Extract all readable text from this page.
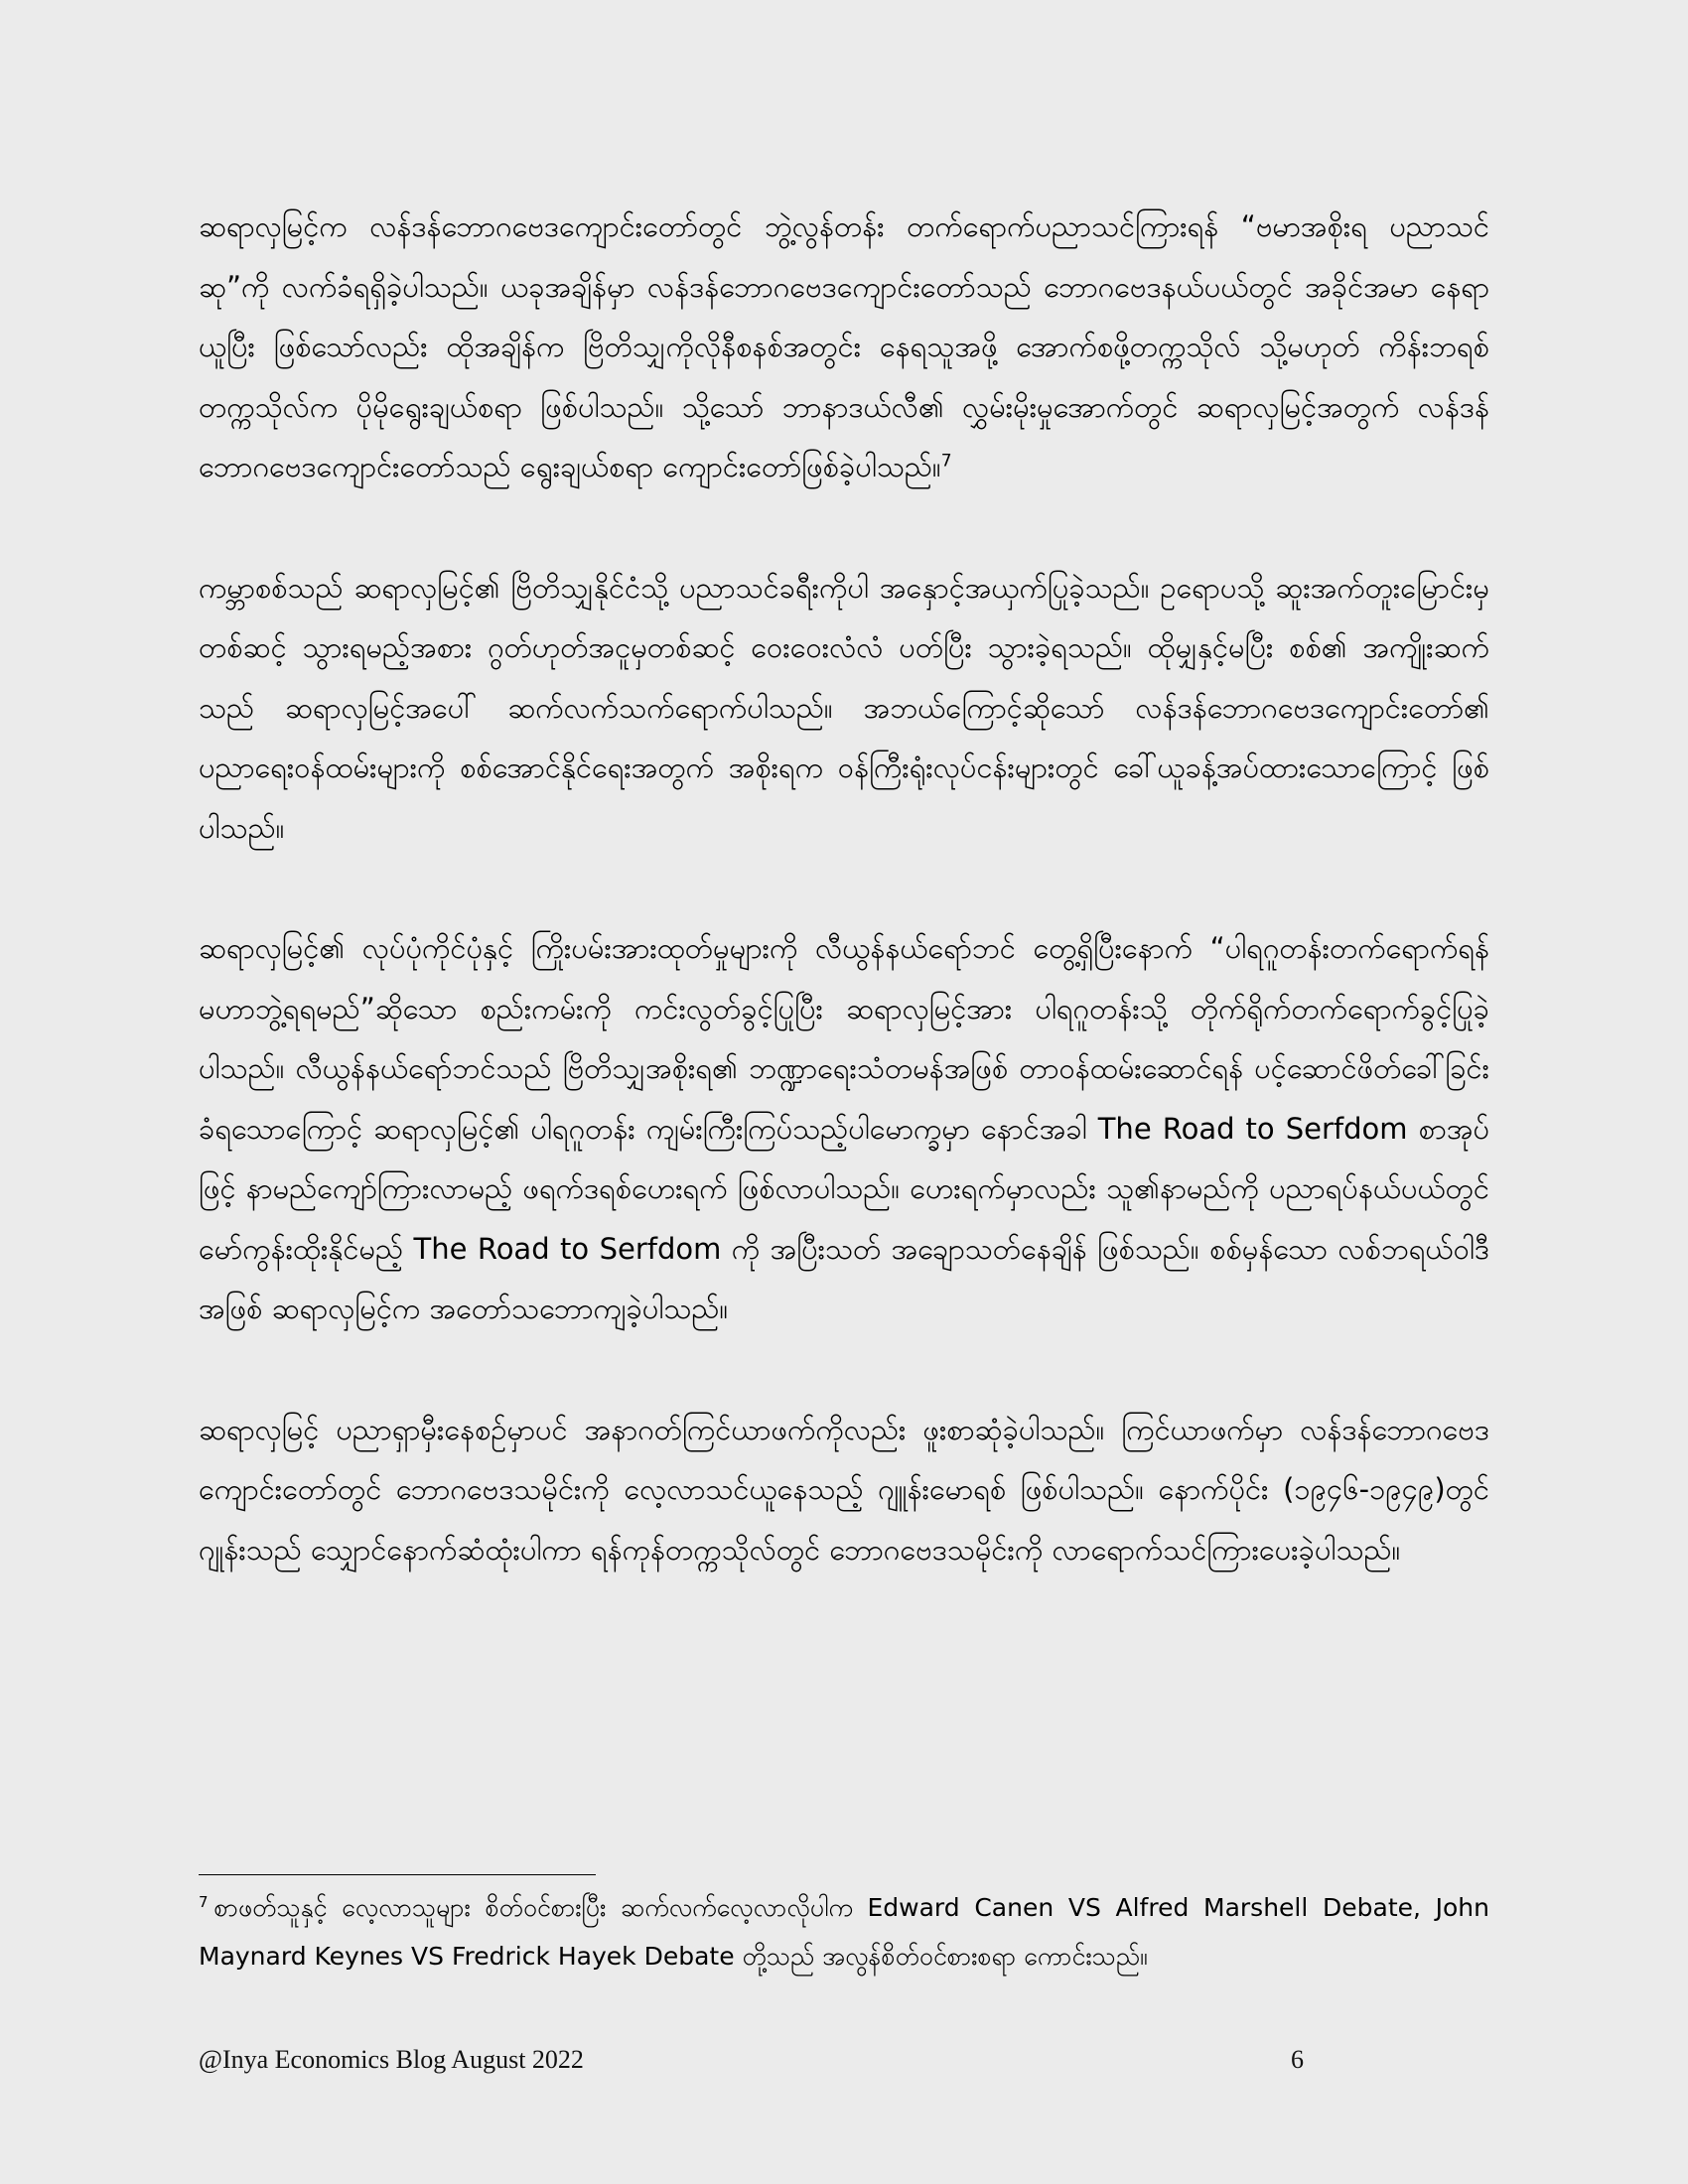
ဆရာလှမြင့်က လန်ဒန်ဘောဂဗေဒကျောင်းတော်တွင် ဘွဲ့လွန်တန်း တက်ရောက်ပညာသင်ကြားရန် “ဗမာအစိုးရ ပညာသင်ဆု”ကို လက်ခံရရှိခဲ့ပါသည်။ ယခုအချိန်မှာ လန်ဒန်ဘောဂဗေဒကျောင်းတော်သည် ဘောဂဗေဒနယ်ပယ်တွင် အခိုင်အမာ နေရာယူပြီး ဖြစ်သော်လည်း ထိုအချိန်က ဗြိတိသျှကိုလိုနီစနစ်အတွင်း နေရသူအဖို့ အောက်စဖို့တက္ကသိုလ် သို့မဟုတ် ကိန်းဘရစ်တက္ကသိုလ်က ပိုမိုရွေးချယ်စရာ ဖြစ်ပါသည်။ သို့သော် ဘာနာဒယ်လီ၏ လွှမ်းမိုးမှုအောက်တွင် ဆရာလှမြင့်အတွက် လန်ဒန်ဘောဂဗေဒကျောင်းတော်သည် ရွေးချယ်စရာ ကျောင်းတော်ဖြစ်ခဲ့ပါသည်။$^7$

ကမ္ဘာစစ်သည် ဆရာလှမြင့်၏ ဗြိတိသျှနိုင်ငံသို့ ပညာသင်ခရီးကိုပါ အနှောင့်အယှက်ပြုခဲ့သည်။ ဥရောပသို့ ဆူးအက်တူးမြောင်းမှတစ်ဆင့် သွားရမည့်အစား ဂွတ်ဟုတ်အငူမှတစ်ဆင့် ဝေးဝေးလံလံ ပတ်ပြီး သွားခဲ့ရသည်။ ထိုမျှနှင့်မပြီး စစ်၏ အကျိုးဆက်သည် ဆရာလှမြင့်အပေါ် ဆက်လက်သက်ရောက်ပါသည်။ အဘယ်ကြောင့်ဆိုသော် လန်ဒန်ဘောဂဗေဒကျောင်းတော်၏ ပညာရေးဝန်ထမ်းများကို စစ်အောင်နိုင်ရေးအတွက် အစိုးရက ဝန်ကြီးရုံးလုပ်ငန်းများတွင် ခေါ်ယူခန့်အပ်ထားသောကြောင့် ဖြစ်ပါသည်။

ဆရာလှမြင့်၏ လုပ်ပုံကိုင်ပုံနှင့် ကြိုးပမ်းအားထုတ်မှုများကို လီယွန်နယ်ရော်ဘင် တွေ့ရှိပြီးနောက် “ပါရဂူတန်းတက်ရောက်ရန် မဟာဘွဲ့ရရမည်”ဆိုသော စည်းကမ်းကို ကင်းလွတ်ခွင့်ပြုပြီး ဆရာလှမြင့်အား ပါရဂူတန်းသို့ တိုက်ရိုက်တက်ရောက်ခွင့်ပြုခဲ့ပါသည်။ လီယွန်နယ်ရော်ဘင်သည် ဗြိတိသျှအစိုးရ၏ ဘဏ္ဍာရေးသံတမန်အဖြစ် တာဝန်ထမ်းဆောင်ရန် ပင့်ဆောင်ဖိတ်ခေါ်ခြင်းခံရသောကြောင့် ဆရာလှမြင့်၏ ပါရဂူတန်း ကျမ်းကြီးကြပ်သည့်ပါမောက္ခမှာ နောင်အခါ The Road to Serfdom စာအုပ်ဖြင့် နာမည်ကျော်ကြားလာမည့် ဖရက်ဒရစ်ဟေးရက် ဖြစ်လာပါသည်။ ဟေးရက်မှာလည်း သူ၏နာမည်ကို ပညာရပ်နယ်ပယ်တွင် မော်ကွန်းထိုးနိုင်မည့် The Road to Serfdom ကို အပြီးသတ် အချောသတ်နေချိန် ဖြစ်သည်။ စစ်မှန်သော လစ်ဘရယ်ဝါဒီအဖြစ် ဆရာလှမြင့်က အတော်သဘောကျခဲ့ပါသည်။

ဆရာလှမြင့် ပညာရှာမှီးနေစဉ်မှာပင် အနာဂတ်ကြင်ယာဖက်ကိုလည်း ဖူးစာဆုံခဲ့ပါသည်။ ကြင်ယာဖက်မှာ လန်ဒန်ဘောဂဗေဒကျောင်းတော်တွင် ဘောဂဗေဒသမိုင်းကို လေ့လာသင်ယူနေသည့် ဂျူန်းမောရစ် ဖြစ်ပါသည်။ နောက်ပိုင်း (၁၉၄၆-၁၉၄၉)တွင် ဂျုန်းသည် သျှောင်နောက်ဆံထုံးပါကာ ရန်ကုန်တက္ကသိုလ်တွင် ဘောဂဗေဒသမိုင်းကို လာရောက်သင်ကြားပေးခဲ့ပါသည်။

$^7$ စာဖတ်သူနှင့် လေ့လာသူများ စိတ်ဝင်စားပြီး ဆက်လက်လေ့လာလိုပါက Edward Canen VS Alfred Marshell Debate, John Maynard Keynes VS Fredrick Hayek Debate တို့သည် အလွန်စိတ်ဝင်စားစရာ ကောင်းသည်။

@Inya Economics Blog August 2022	6
